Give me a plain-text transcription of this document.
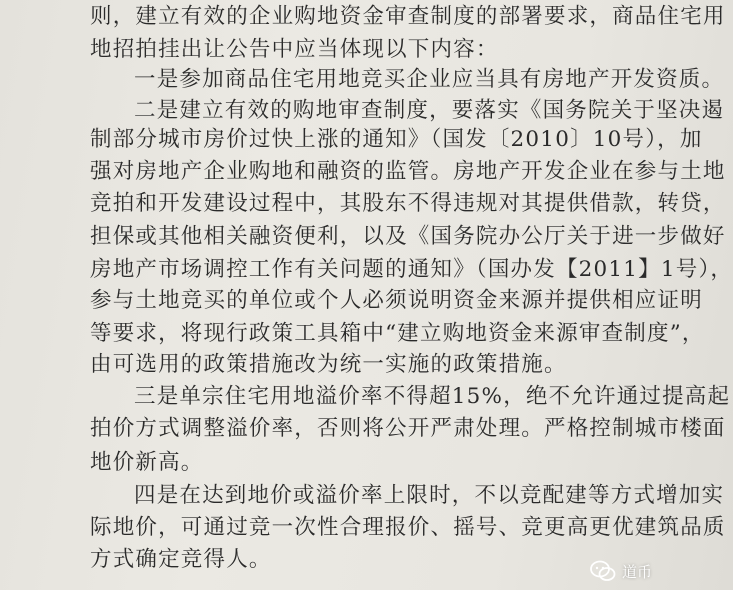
则，建立有效的企业购地资金审查制度的部署要求，商品住宅用
地招拍挂出让公告中应当体现以下内容：
一是参加商品住宅用地竞买企业应当具有房地产开发资质。
二是建立有效的购地审查制度，要落实《国务院关于坚决遏
制部分城市房价过快上涨的通知》（国发〔2010〕10号），加
强对房地产企业购地和融资的监管。房地产开发企业在参与土地
竞拍和开发建设过程中，其股东不得违规对其提供借款，转贷，
担保或其他相关融资便利，以及《国务院办公厅关于进一步做好
房地产市场调控工作有关问题的通知》（国办发【2011】1号），
参与土地竞买的单位或个人必须说明资金来源并提供相应证明
等要求，将现行政策工具箱中“建立购地资金来源审查制度”，
由可选用的政策措施改为统一实施的政策措施。
三是单宗住宅用地溢价率不得超15%，绝不允许通过提高起
拍价方式调整溢价率，否则将公开严肃处理。严格控制城市楼面
地价新高。
四是在达到地价或溢价率上限时，不以竞配建等方式增加实
际地价，可通过竞一次性合理报价、摇号、竞更高更优建筑品质
方式确定竞得人。	道币
